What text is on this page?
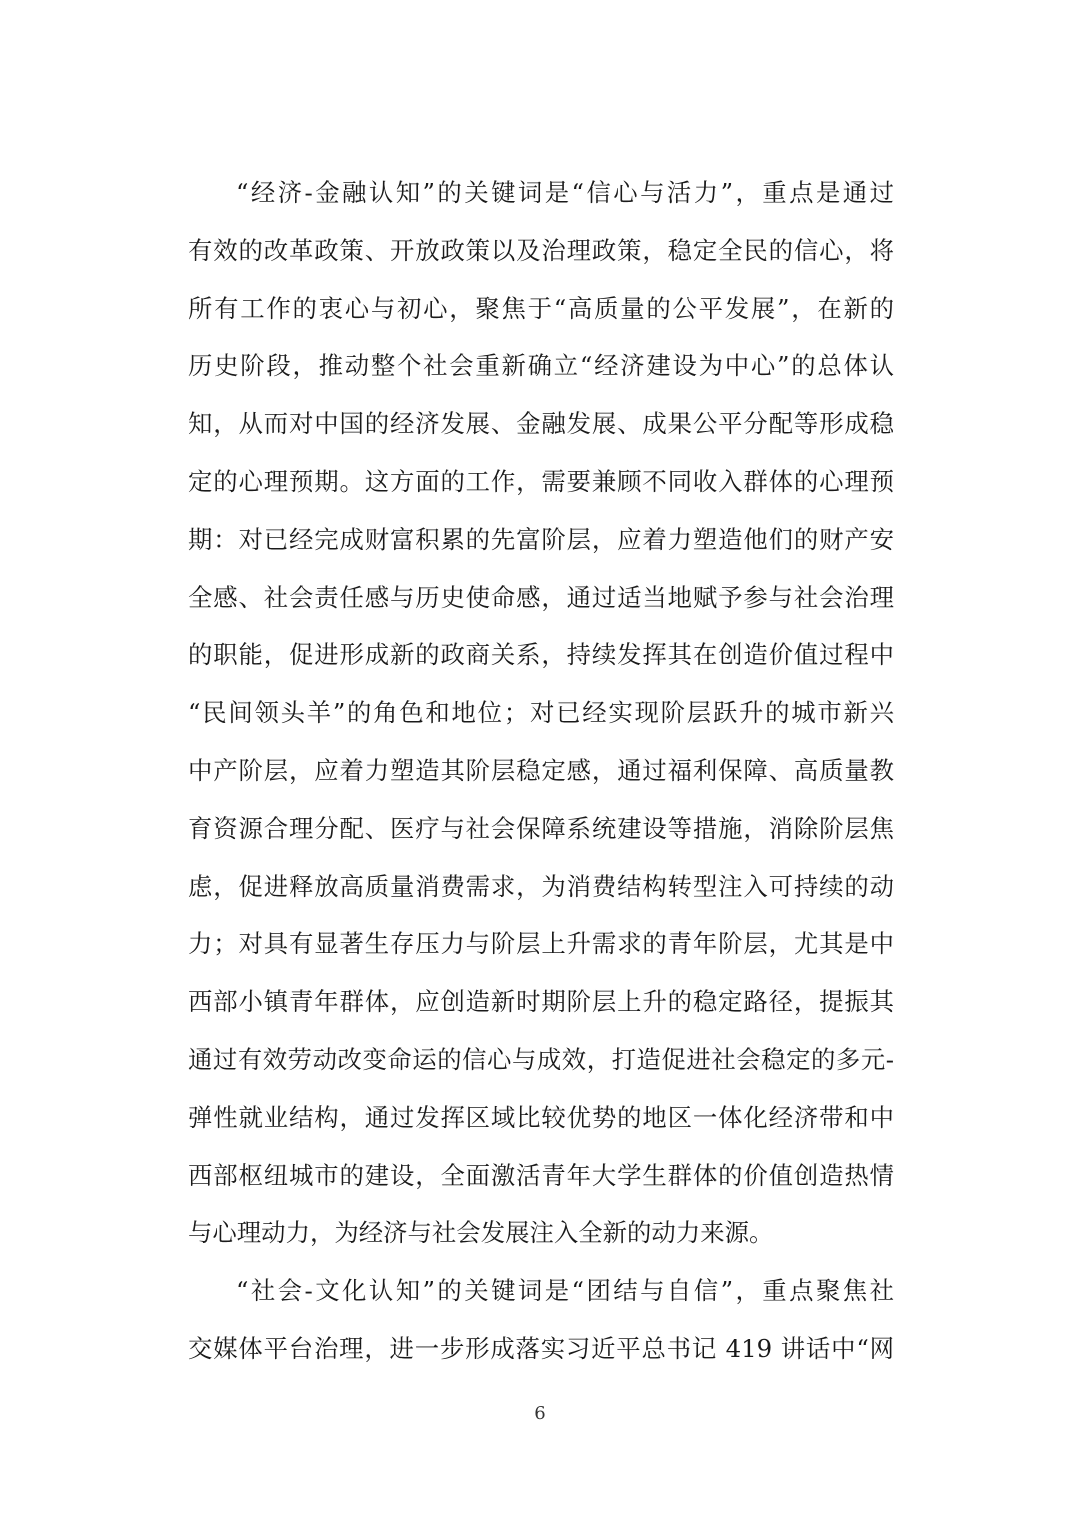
“经济-金融认知”的关键词是“信心与活力”，重点是通过
有效的改革政策、开放政策以及治理政策，稳定全民的信心，将
所有工作的衷心与初心，聚焦于“高质量的公平发展”，在新的
历史阶段，推动整个社会重新确立“经济建设为中心”的总体认
知，从而对中国的经济发展、金融发展、成果公平分配等形成稳
定的心理预期。这方面的工作，需要兼顾不同收入群体的心理预
期：对已经完成财富积累的先富阶层，应着力塑造他们的财产安
全感、社会责任感与历史使命感，通过适当地赋予参与社会治理
的职能，促进形成新的政商关系，持续发挥其在创造价值过程中
“民间领头羊”的角色和地位；对已经实现阶层跃升的城市新兴
中产阶层，应着力塑造其阶层稳定感，通过福利保障、高质量教
育资源合理分配、医疗与社会保障系统建设等措施，消除阶层焦
虑，促进释放高质量消费需求，为消费结构转型注入可持续的动
力；对具有显著生存压力与阶层上升需求的青年阶层，尤其是中
西部小镇青年群体，应创造新时期阶层上升的稳定路径，提振其
通过有效劳动改变命运的信心与成效，打造促进社会稳定的多元-
弹性就业结构，通过发挥区域比较优势的地区一体化经济带和中
西部枢纽城市的建设，全面激活青年大学生群体的价值创造热情
与心理动力，为经济与社会发展注入全新的动力来源。
“社会-文化认知”的关键词是“团结与自信”，重点聚焦社
交媒体平台治理，进一步形成落实习近平总书记 419 讲话中“网
6
